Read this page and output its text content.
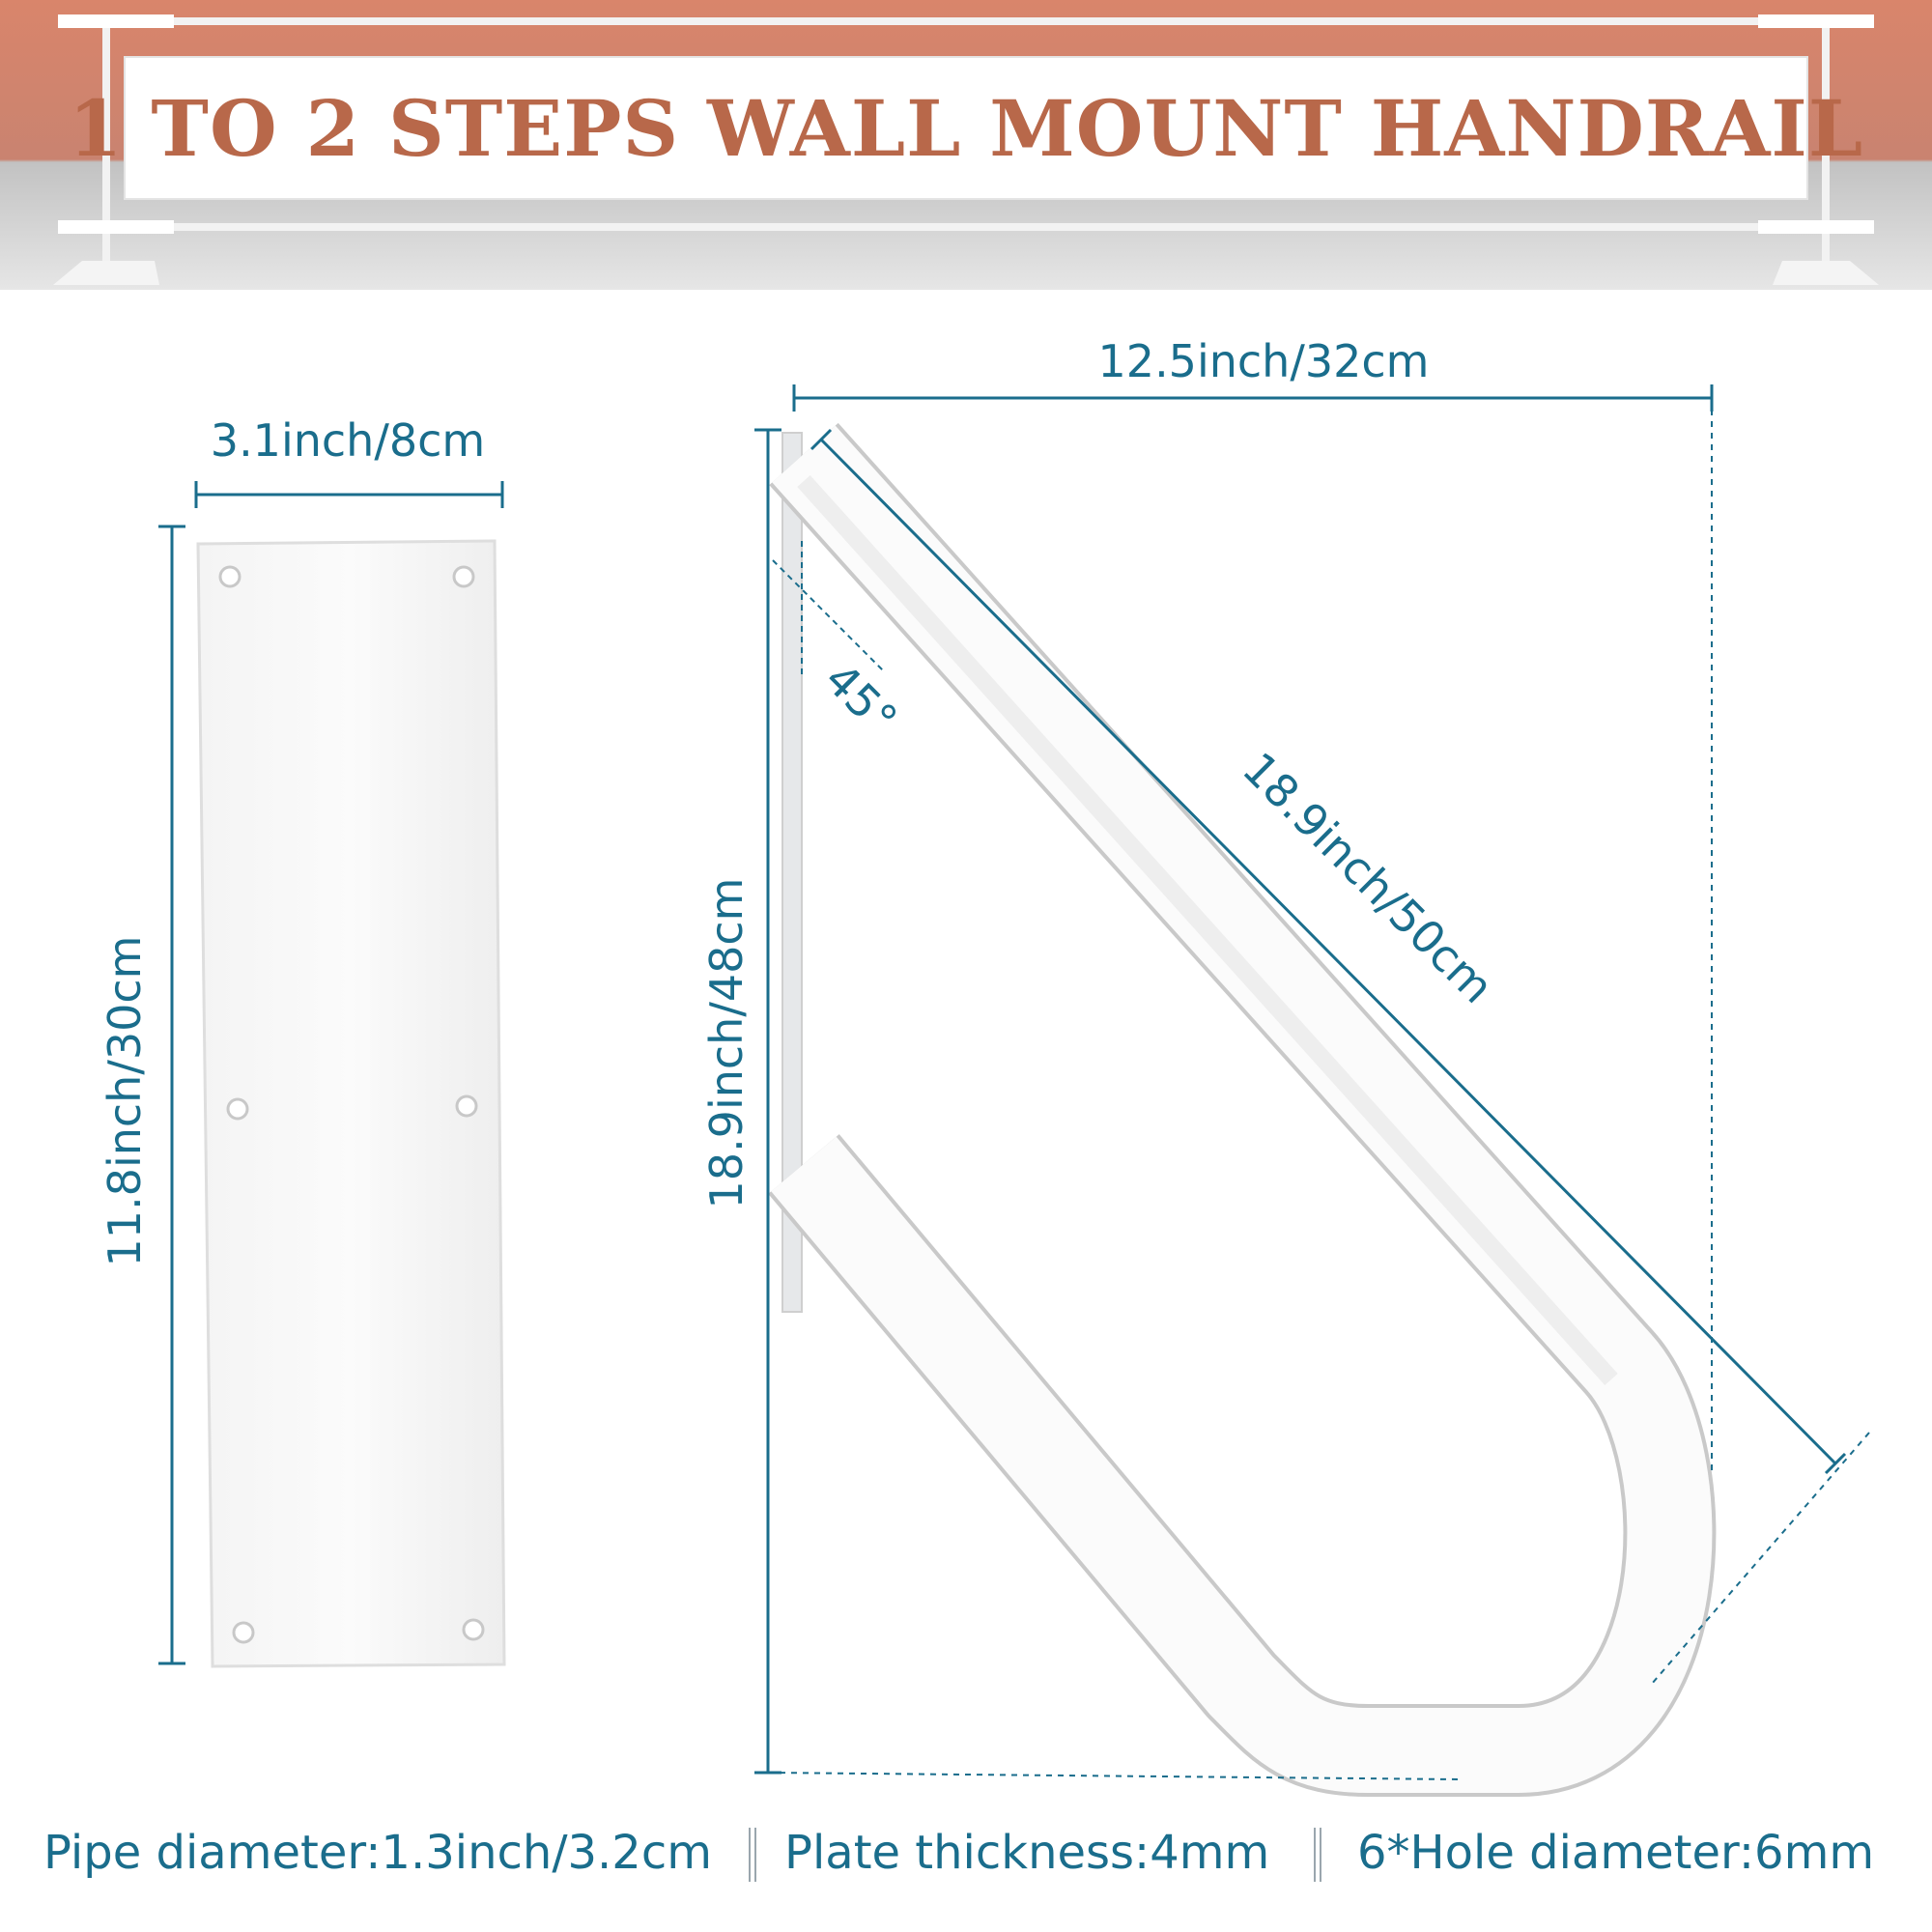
1 TO 2 STEPS WALL MOUNT HANDRAIL
3.1inch/8cm
11.8inch/30cm
12.5inch/32cm
18.9inch/48cm	18.9inch/50cm
45°
Pipe diameter:1.3inch/3.2cm Plate thickness:4mm 6*Hole diameter:6mm
